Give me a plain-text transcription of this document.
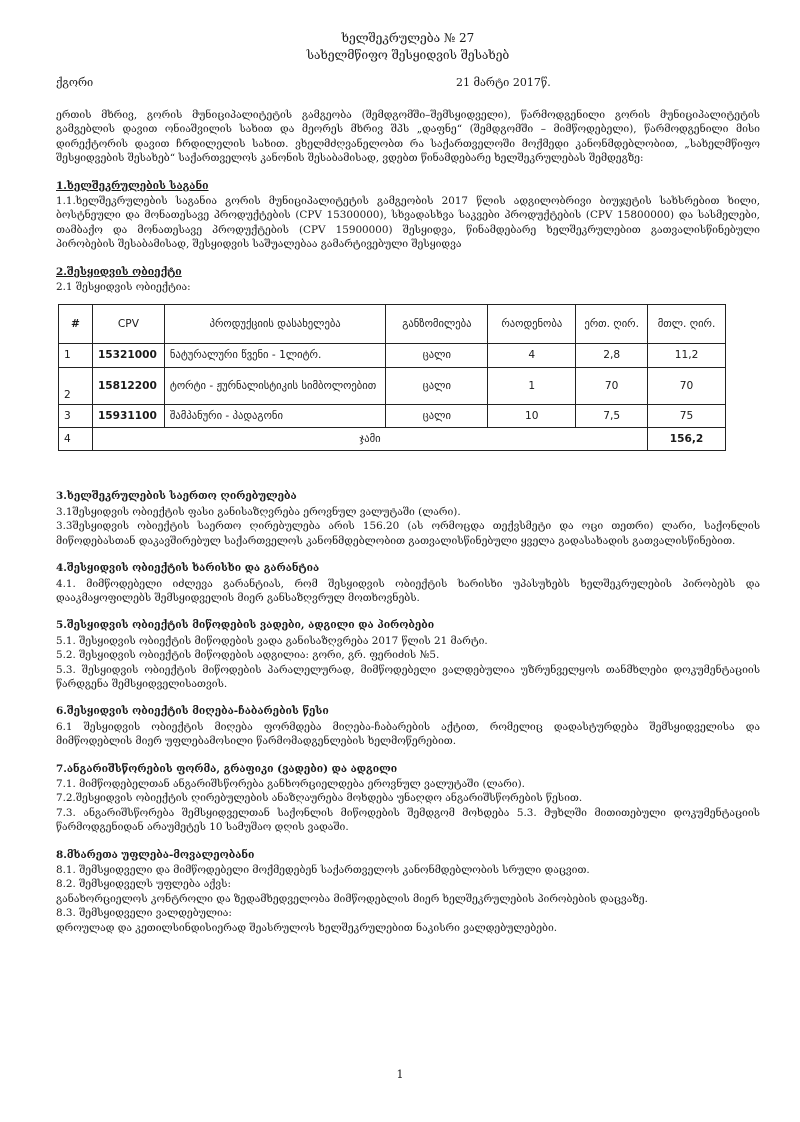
ხელშეკრულება № 27
სახელმწიფო შესყიდვის შესახებ
ქგორი	21 მარტი 2017წ.

ერთის მხრივ, გორის მუნიციპალიტეტის გამგეობა (შემდგომში–შემსყიდველი), წარმოდგენილი გორის მუნიციპალიტეტის გამგებლის დავით ონიაშვილის სახით და მეორეს მხრივ შპს „დაფნე“ (შემდგომში – მიმწოდებელი), წარმოდგენილი მისი დირექტორის დავით ჩრდილელის სახით. ვხელმძღვანელობთ რა საქართველოში მოქმედი კანონმდებლობით, „სახელმწიფო შესყიდვების შესახებ“ საქართველოს კანონის შესაბამისად, ვდებთ წინამდებარე ხელშეკრულებას შემდეგზე:

1.ხელშეკრულების საგანი

1.1.ხელშეკრულების საგანია გორის მუნიციპალიტეტის გამგეობის 2017 წლის ადგილობრივი ბიუჯეტის სახსრებით ხილი, ბოსტნეული და მონათესავე პროდუქტების (CPV 15300000), სხვადასხვა საკვები პროდუქტების (CPV 15800000) და სასმელები, თამბაქო და მონათესავე პროდუქტების (CPV 15900000) შესყიდვა, წინამდებარე ხელშეკრულებით გათვალისწინებული პირობების შესაბამისად, შესყიდვის საშუალებაა გამარტივებული შესყიდვა

2.შესყიდვის ობიექტი

2.1 შესყიდვის ობიექტია:

#	CPV	პროდუქციის დასახელება	განზომილება	რაოდენობა	ერთ. ღირ.	მთლ. ღირ.
1	15321000	ნატურალური წვენი - 1ლიტრ.	ცალი	4	2,8	11,2
2	15812200	ტორტი - ჟურნალისტიკის სიმბოლოებით	ცალი	1	70	70
3	15931100	შამპანური - პადაგონი	ცალი	10	7,5	75
4	ჯამი					156,2
3.ხელშეკრულების საერთო ღირებულება

3.1შესყიდვის ობიექტის ფასი განისაზღვრება ეროვნულ ვალუტაში (ლარი).

3.3შესყიდვის ობიექტის საერთო ღირებულება არის 156.20 (ას ორმოცდა თექვსმეტი და ოცი თეთრი) ლარი, საქონლის მიწოდებასთან დაკავშირებულ საქართველოს კანონმდებლობით გათვალისწინებული ყველა გადასახადის გათვალისწინებით.

4.შესყიდვის ობიექტის ხარისხი და გარანტია

4.1. მიმწოდებელი იძლევა გარანტიას, რომ შესყიდვის ობიექტის ხარისხი უპასუხებს ხელშეკრულების პირობებს და დააკმაყოფილებს შემსყიდველის მიერ განსაზღვრულ მოთხოვნებს.

5.შესყიდვის ობიექტის მიწოდების ვადები, ადგილი და პირობები

5.1. შესყიდვის ობიექტის მიწოდების ვადა განისაზღვრება 2017 წლის 21 მარტი.

5.2. შესყიდვის ობიექტის მიწოდების ადგილია: გორი, გრ. ფერიძის №5.

5.3. შესყიდვის ობიექტის მიწოდების პარალელურად, მიმწოდებელი ვალდებულია უზრუნველყოს თანმხლები დოკუმენტაციის წარდგენა შემსყიდველისათვის.

6.შესყიდვის ობიექტის მიღება-ჩაბარების წესი

6.1 შესყიდვის ობიექტის მიღება ფორმდება მიღება-ჩაბარების აქტით, რომელიც დადასტურდება შემსყიდველისა და მიმწოდებლის მიერ უფლებამოსილი წარმომადგენლების ხელმოწერებით.

7.ანგარიშსწორების ფორმა, გრაფიკი (ვადები) და ადგილი

7.1. მიმწოდებელთან ანგარიშსწორება განხორციელდება ეროვნულ ვალუტაში (ლარი).

7.2.შესყიდვის ობიექტის ღირებულების ანაზღაურება მოხდება უნაღდო ანგარიშსწორების წესით.

7.3. ანგარიშსწორება შემსყიდველთან საქონლის მიწოდების შემდგომ მოხდება 5.3. მუხლში მითითებული დოკუმენტაციის წარმოდგენიდან არაუმეტეს 10 სამუშაო დღის ვადაში.

8.მხარეთა უფლება-მოვალეობანი

8.1. შემსყიდველი და მიმწოდებელი მოქმედებენ საქართველოს კანონმდებლობის სრული დაცვით.

8.2. შემსყიდველს უფლება აქვს:

განახორციელოს კონტროლი და ზედამხედველობა მიმწოდებლის მიერ ხელშეკრულების პირობების დაცვაზე.

8.3. შემსყიდველი ვალდებულია:

დროულად და კეთილსინდისიერად შეასრულოს ხელშეკრულებით ნაკისრი ვალდებულებები.

1
